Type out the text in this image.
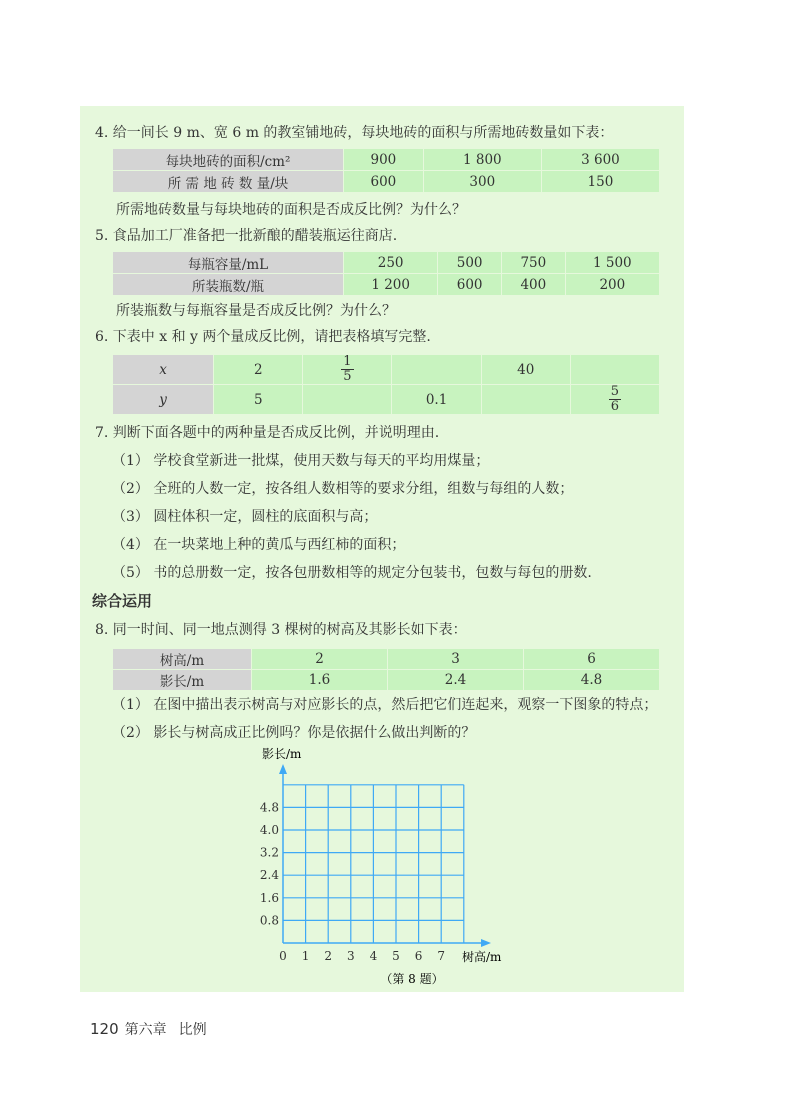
4. 给一间长 9 m、宽 6 m 的教室铺地砖，每块地砖的面积与所需地砖数量如下表：
每块地砖的面积/cm²	900	1 800	3 600
所 需 地 砖 数 量/块	600	300	150
所需地砖数量与每块地砖的面积是否成反比例？为什么？
5. 食品加工厂准备把一批新酿的醋装瓶运往商店.
每瓶容量/mL	250	500	750	1 500
所装瓶数/瓶	1 200	600	400	200
所装瓶数与每瓶容量是否成反比例？为什么？
6. 下表中 x 和 y 两个量成反比例，请把表格填写完整.
x	2	$\frac{1}{5}$		40	
y	5		0.1		$\frac{5}{6}$
7. 判断下面各题中的两种量是否成反比例，并说明理由.
（1） 学校食堂新进一批煤，使用天数与每天的平均用煤量；
（2） 全班的人数一定，按各组人数相等的要求分组，组数与每组的人数；
（3） 圆柱体积一定，圆柱的底面积与高；
（4） 在一块菜地上种的黄瓜与西红柿的面积；
（5） 书的总册数一定，按各包册数相等的规定分包装书，包数与每包的册数.
综合运用
8. 同一时间、同一地点测得 3 棵树的树高及其影长如下表：
树高/m	2	3	6
影长/m	1.6	2.4	4.8
（1） 在图中描出表示树高与对应影长的点，然后把它们连起来，观察一下图象的特点；
（2） 影长与树高成正比例吗？你是依据什么做出判断的？
0.8
1.6
2.4
3.2
4.0
4.8
0 1 2 3 4 5 6 7
影长/m
树高/m
（第 8 题）
120 第六章 比例
